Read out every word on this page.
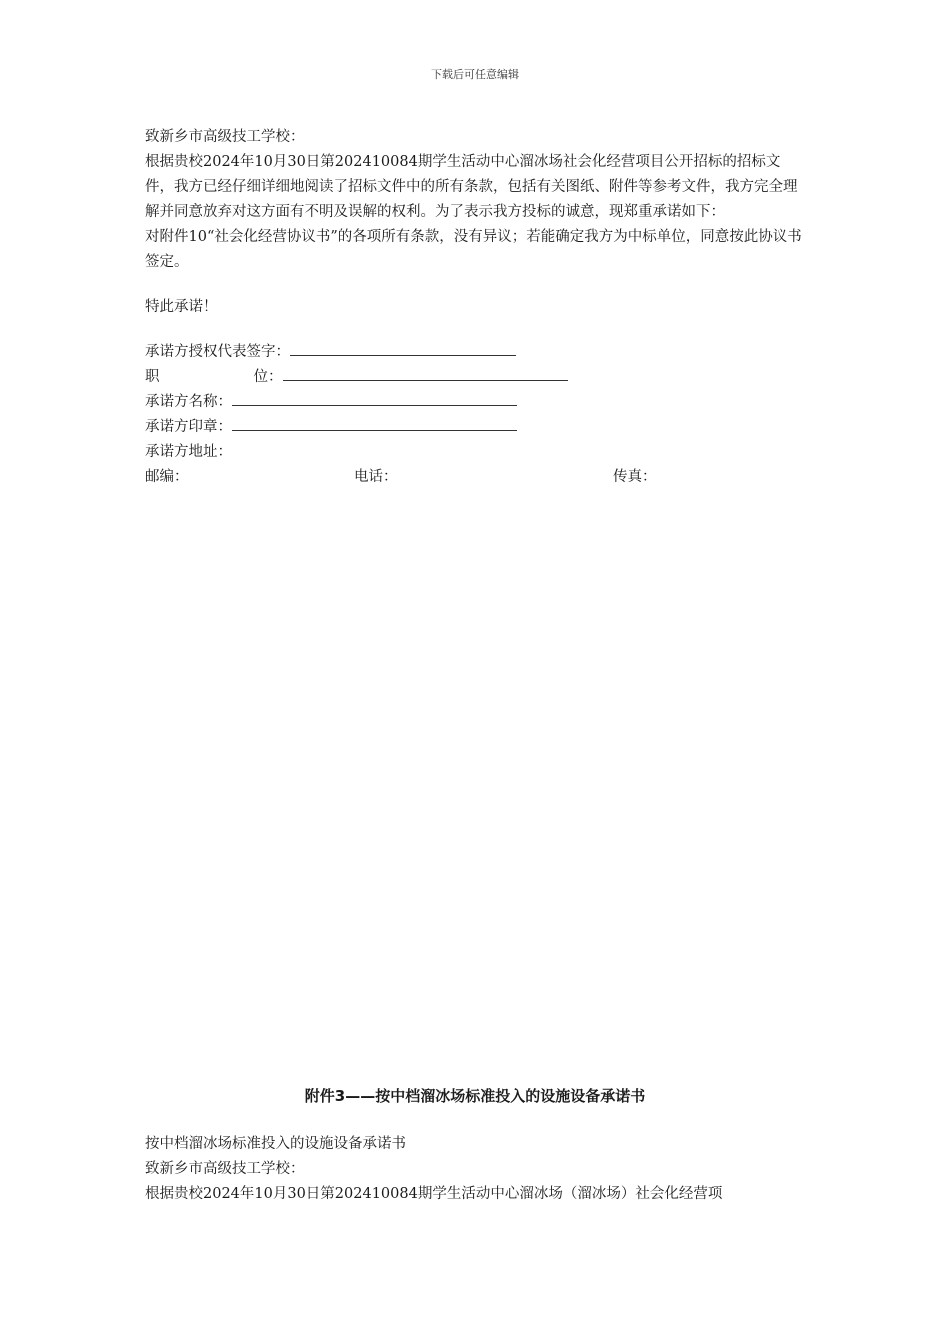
下载后可任意编辑

致新乡市高级技工学校：

根据贵校2024年10月30日第202410084期学生活动中心溜冰场社会化经营项目公开招标的招标文件，我方已经仔细详细地阅读了招标文件中的所有条款，包括有关图纸、附件等参考文件，我方完全理解并同意放弃对这方面有不明及误解的权利。为了表示我方投标的诚意，现郑重承诺如下：

对附件10“社会化经营协议书”的各项所有条款，没有异议；若能确定我方为中标单位，同意按此协议书签定。

特此承诺！

承诺方授权代表签字：
职	位：
承诺方名称：
承诺方印章：
承诺方地址：
邮编：	电话：	传真：
附件3——按中档溜冰场标准投入的设施设备承诺书

按中档溜冰场标准投入的设施设备承诺书

致新乡市高级技工学校：

根据贵校2024年10月30日第202410084期学生活动中心溜冰场（溜冰场）社会化经营项
